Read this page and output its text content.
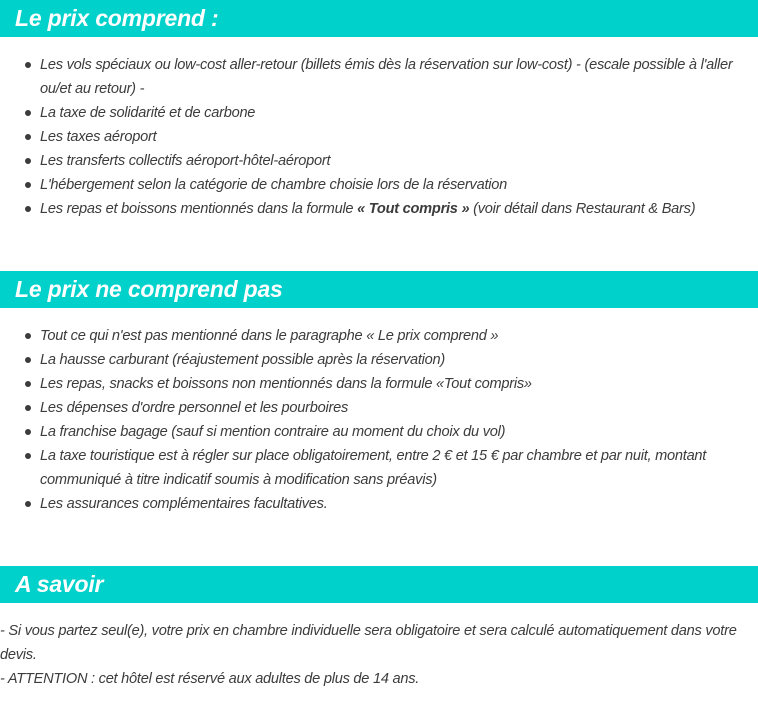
Le prix comprend :
Les vols spéciaux ou low-cost aller-retour (billets émis dès la réservation sur low-cost) - (escale possible à l'aller ou/et au retour) -
La taxe de solidarité et de carbone
Les taxes aéroport
Les transferts collectifs aéroport-hôtel-aéroport
L'hébergement selon la catégorie de chambre choisie lors de la réservation
Les repas et boissons mentionnés dans la formule « Tout compris » (voir détail dans Restaurant & Bars)
Le prix ne comprend pas
Tout ce qui n'est pas mentionné dans le paragraphe « Le prix comprend »
La hausse carburant (réajustement possible après la réservation)
Les repas, snacks et boissons non mentionnés dans la formule «Tout compris»
Les dépenses d'ordre personnel et les pourboires
La franchise bagage (sauf si mention contraire au moment du choix du vol)
La taxe touristique est à régler sur place obligatoirement, entre 2 € et 15 € par chambre et par nuit, montant communiqué à titre indicatif soumis à modification sans préavis)
Les assurances complémentaires facultatives.
A savoir

- Si vous partez seul(e), votre prix en chambre individuelle sera obligatoire et sera calculé automatiquement dans votre devis.

- ATTENTION : cet hôtel est réservé aux adultes de plus de 14 ans.
